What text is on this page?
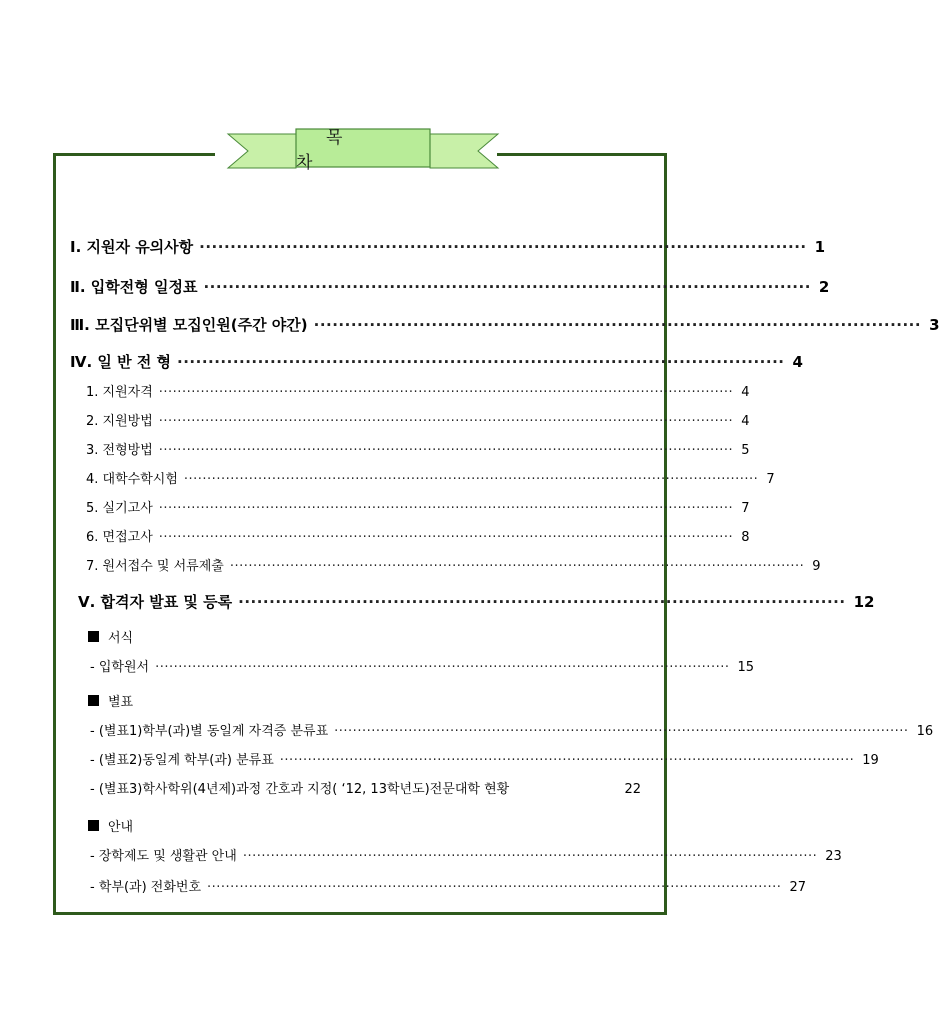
목 차
Ⅰ. 지원자 유의사항 ·································································································· 1
Ⅱ. 입학전형 일정표 ·································································································· 2
Ⅲ. 모집단위별 모집인원(주간 야간) ·································································································· 3
Ⅳ. 일 반 전 형 ·································································································· 4
1. 지원자격 ···························································································································· 4
2. 지원방법 ···························································································································· 4
3. 전형방법 ···························································································································· 5
4. 대학수학시험 ···························································································································· 7
5. 실기고사 ···························································································································· 7
6. 면접고사 ···························································································································· 8
7. 원서접수 및 서류제출 ···························································································································· 9
Ⅴ. 합격자 발표 및 등록 ·································································································· 12
서식
- 입학원서 ···························································································································· 15
별표
- (별표1)학부(과)별 동일계 자격증 분류표 ···························································································································· 16
- (별표2)동일계 학부(과) 분류표 ···························································································································· 19
- (별표3)학사학위(4년제)과정 간호과 지정( ‘12, 13학년도)전문대학 현황	22
안내
- 장학제도 및 생활관 안내 ···························································································································· 23
- 학부(과) 전화번호 ···························································································································· 27
